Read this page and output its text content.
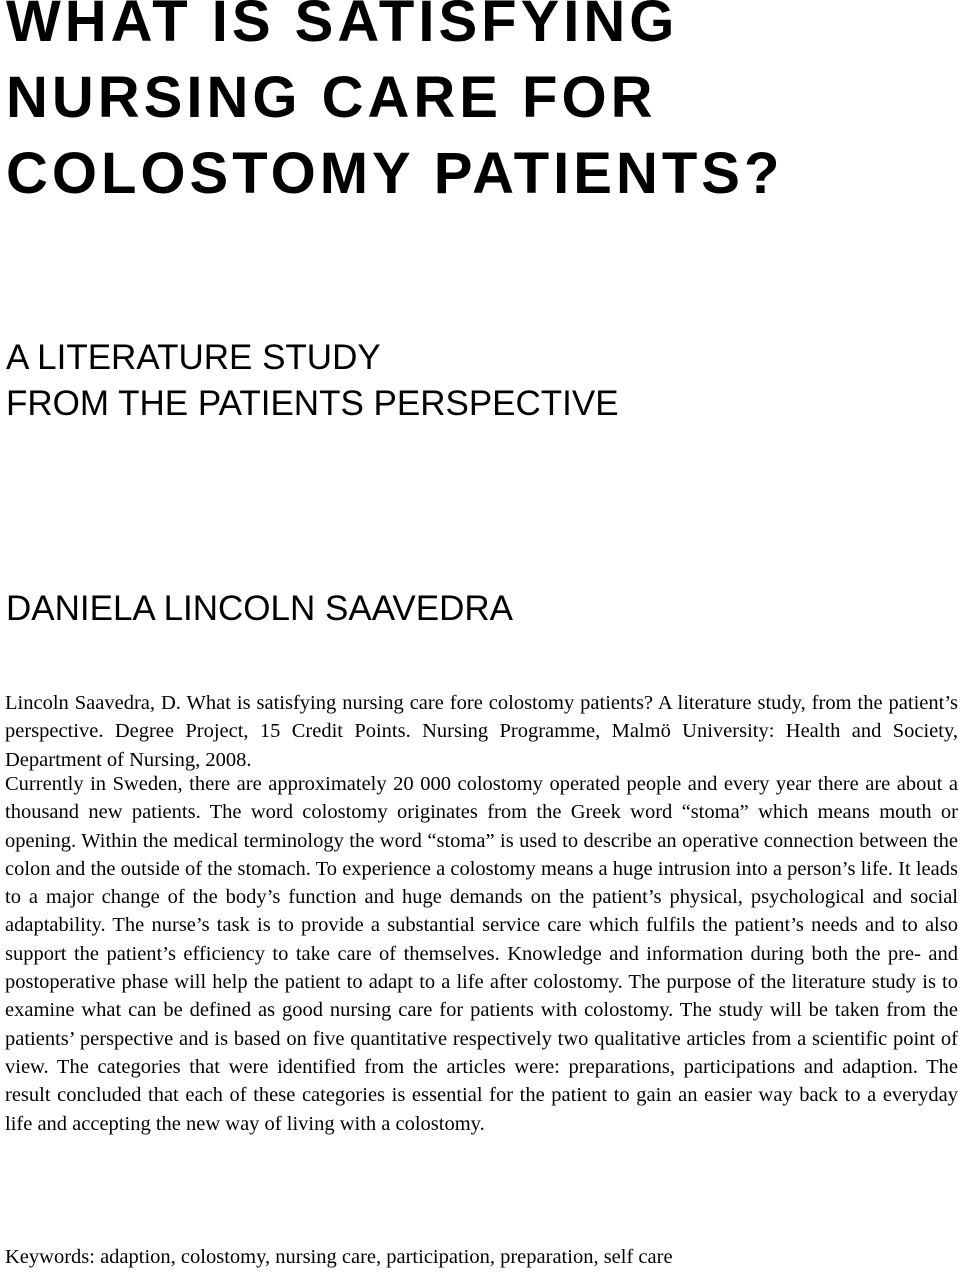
WHAT IS SATISFYING
NURSING CARE FOR
COLOSTOMY PATIENTS?
A LITERATURE STUDY
FROM THE PATIENTS PERSPECTIVE
DANIELA LINCOLN SAAVEDRA

Lincoln Saavedra, D. What is satisfying nursing care fore colostomy patients? A literature study, from the patient’s perspective. Degree Project, 15 Credit Points. Nursing Programme, Malmö University: Health and Society, Department of Nursing, 2008.

Currently in Sweden, there are approximately 20 000 colostomy operated people and every year there are about a thousand new patients. The word colostomy originates from the Greek word “stoma” which means mouth or opening. Within the medical terminology the word “stoma” is used to describe an operative connection between the colon and the outside of the stomach. To experience a colostomy means a huge intrusion into a person’s life. It leads to a major change of the body’s function and huge demands on the patient’s physical, psychological and social adaptability. The nurse’s task is to provide a substantial service care which fulfils the patient’s needs and to also support the patient’s efficiency to take care of themselves. Knowledge and information during both the pre- and postoperative phase will help the patient to adapt to a life after colostomy. The purpose of the literature study is to examine what can be defined as good nursing care for patients with colostomy. The study will be taken from the patients’ perspective and is based on five quantitative respectively two qualitative articles from a scientific point of view. The categories that were identified from the articles were: preparations, participations and adaption. The result concluded that each of these categories is essential for the patient to gain an easier way back to a everyday life and accepting the new way of living with a colostomy.

Keywords: adaption, colostomy, nursing care, participation, preparation, self care
